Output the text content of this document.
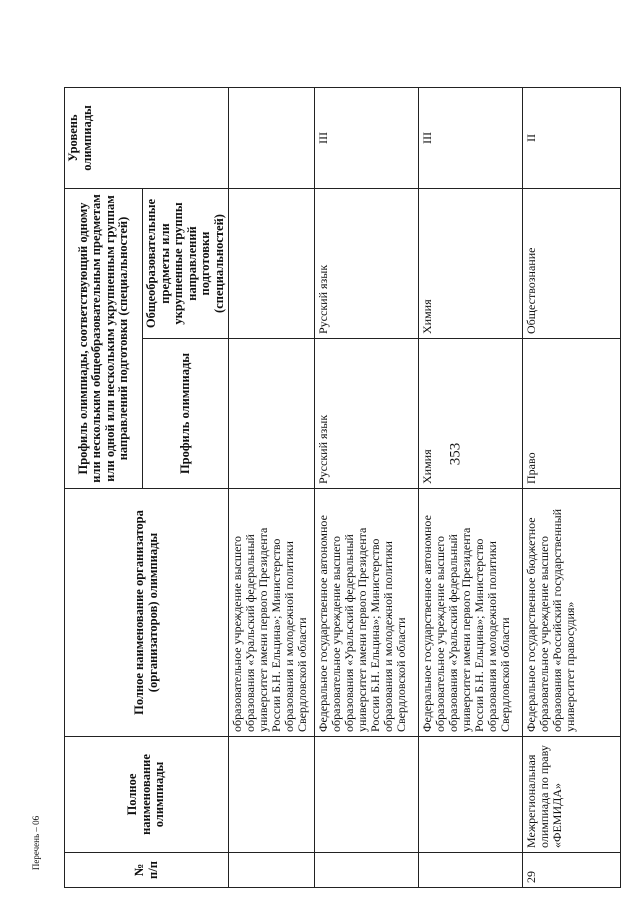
353
Перечень – 06	№ п/п	Полное наименование олимпиады	Полное наименование организатора (организаторов) олимпиады	Профиль олимпиады, соответствующий одному или нескольким общеобразовательным предметам или одной или нескольким укрупненным группам направлений подготовки (специальностей)		Уровень олимпиады
			Профиль олимпиады	Общеобразовательные предметы или укрупненные группы направлений подготовки (специальностей)	
		образовательное учреждение высшего образования «Уральский федеральный университет имени первого Президента России Б.Н. Ельцина»; Министерство образования и молодежной политики Свердловской области			
		Федеральное государственное автономное образовательное учреждение высшего образования «Уральский федеральный университет имени первого Президента России Б.Н. Ельцина»; Министерство образования и молодежной политики Свердловской области	Русский язык	Русский язык	III
		Федеральное государственное автономное образовательное учреждение высшего образования «Уральский федеральный университет имени первого Президента России Б.Н. Ельцина»; Министерство образования и молодежной политики Свердловской области	Химия	Химия	III
29	Межрегиональная олимпиада по праву «ФЕМИДА»	Федеральное государственное бюджетное образовательное учреждение высшего образования «Российский государственный университет правосудия»	Право	Обществознание	II
